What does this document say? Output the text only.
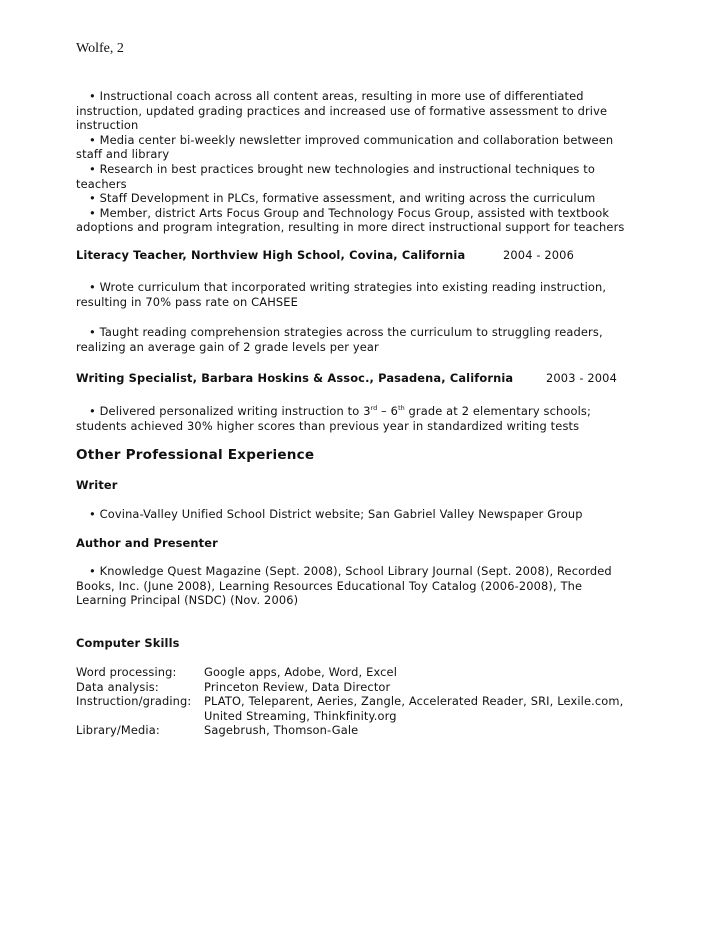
Wolfe, 2
• Instructional coach across all content areas, resulting in more use of differentiated
instruction, updated grading practices and increased use of formative assessment to drive
instruction
• Media center bi-weekly newsletter improved communication and collaboration between
staff and library
• Research in best practices brought new technologies and instructional techniques to
teachers
• Staff Development in PLCs, formative assessment, and writing across the curriculum
• Member, district Arts Focus Group and Technology Focus Group, assisted with textbook
adoptions and program integration, resulting in more direct instructional support for teachers
Literacy Teacher, Northview High School, Covina, California	2004 - 2006
• Wrote curriculum that incorporated writing strategies into existing reading instruction,
resulting in 70% pass rate on CAHSEE
• Taught reading comprehension strategies across the curriculum to struggling readers,
realizing an average gain of 2 grade levels per year
Writing Specialist, Barbara Hoskins & Assoc., Pasadena, California	2003 - 2004
• Delivered personalized writing instruction to 3rd – 6th grade at 2 elementary schools;
students achieved 30% higher scores than previous year in standardized writing tests
Other Professional Experience
Writer
• Covina-Valley Unified School District website; San Gabriel Valley Newspaper Group
Author and Presenter
• Knowledge Quest Magazine (Sept. 2008), School Library Journal (Sept. 2008), Recorded
Books, Inc. (June 2008), Learning Resources Educational Toy Catalog (2006-2008), The
Learning Principal (NSDC) (Nov. 2006)
Computer Skills
Word processing:	Google apps, Adobe, Word, Excel
Data analysis:	Princeton Review, Data Director
Instruction/grading:	PLATO, Teleparent, Aeries, Zangle, Accelerated Reader, SRI, Lexile.com,
United Streaming, Thinkfinity.org
Library/Media:	Sagebrush, Thomson-Gale
